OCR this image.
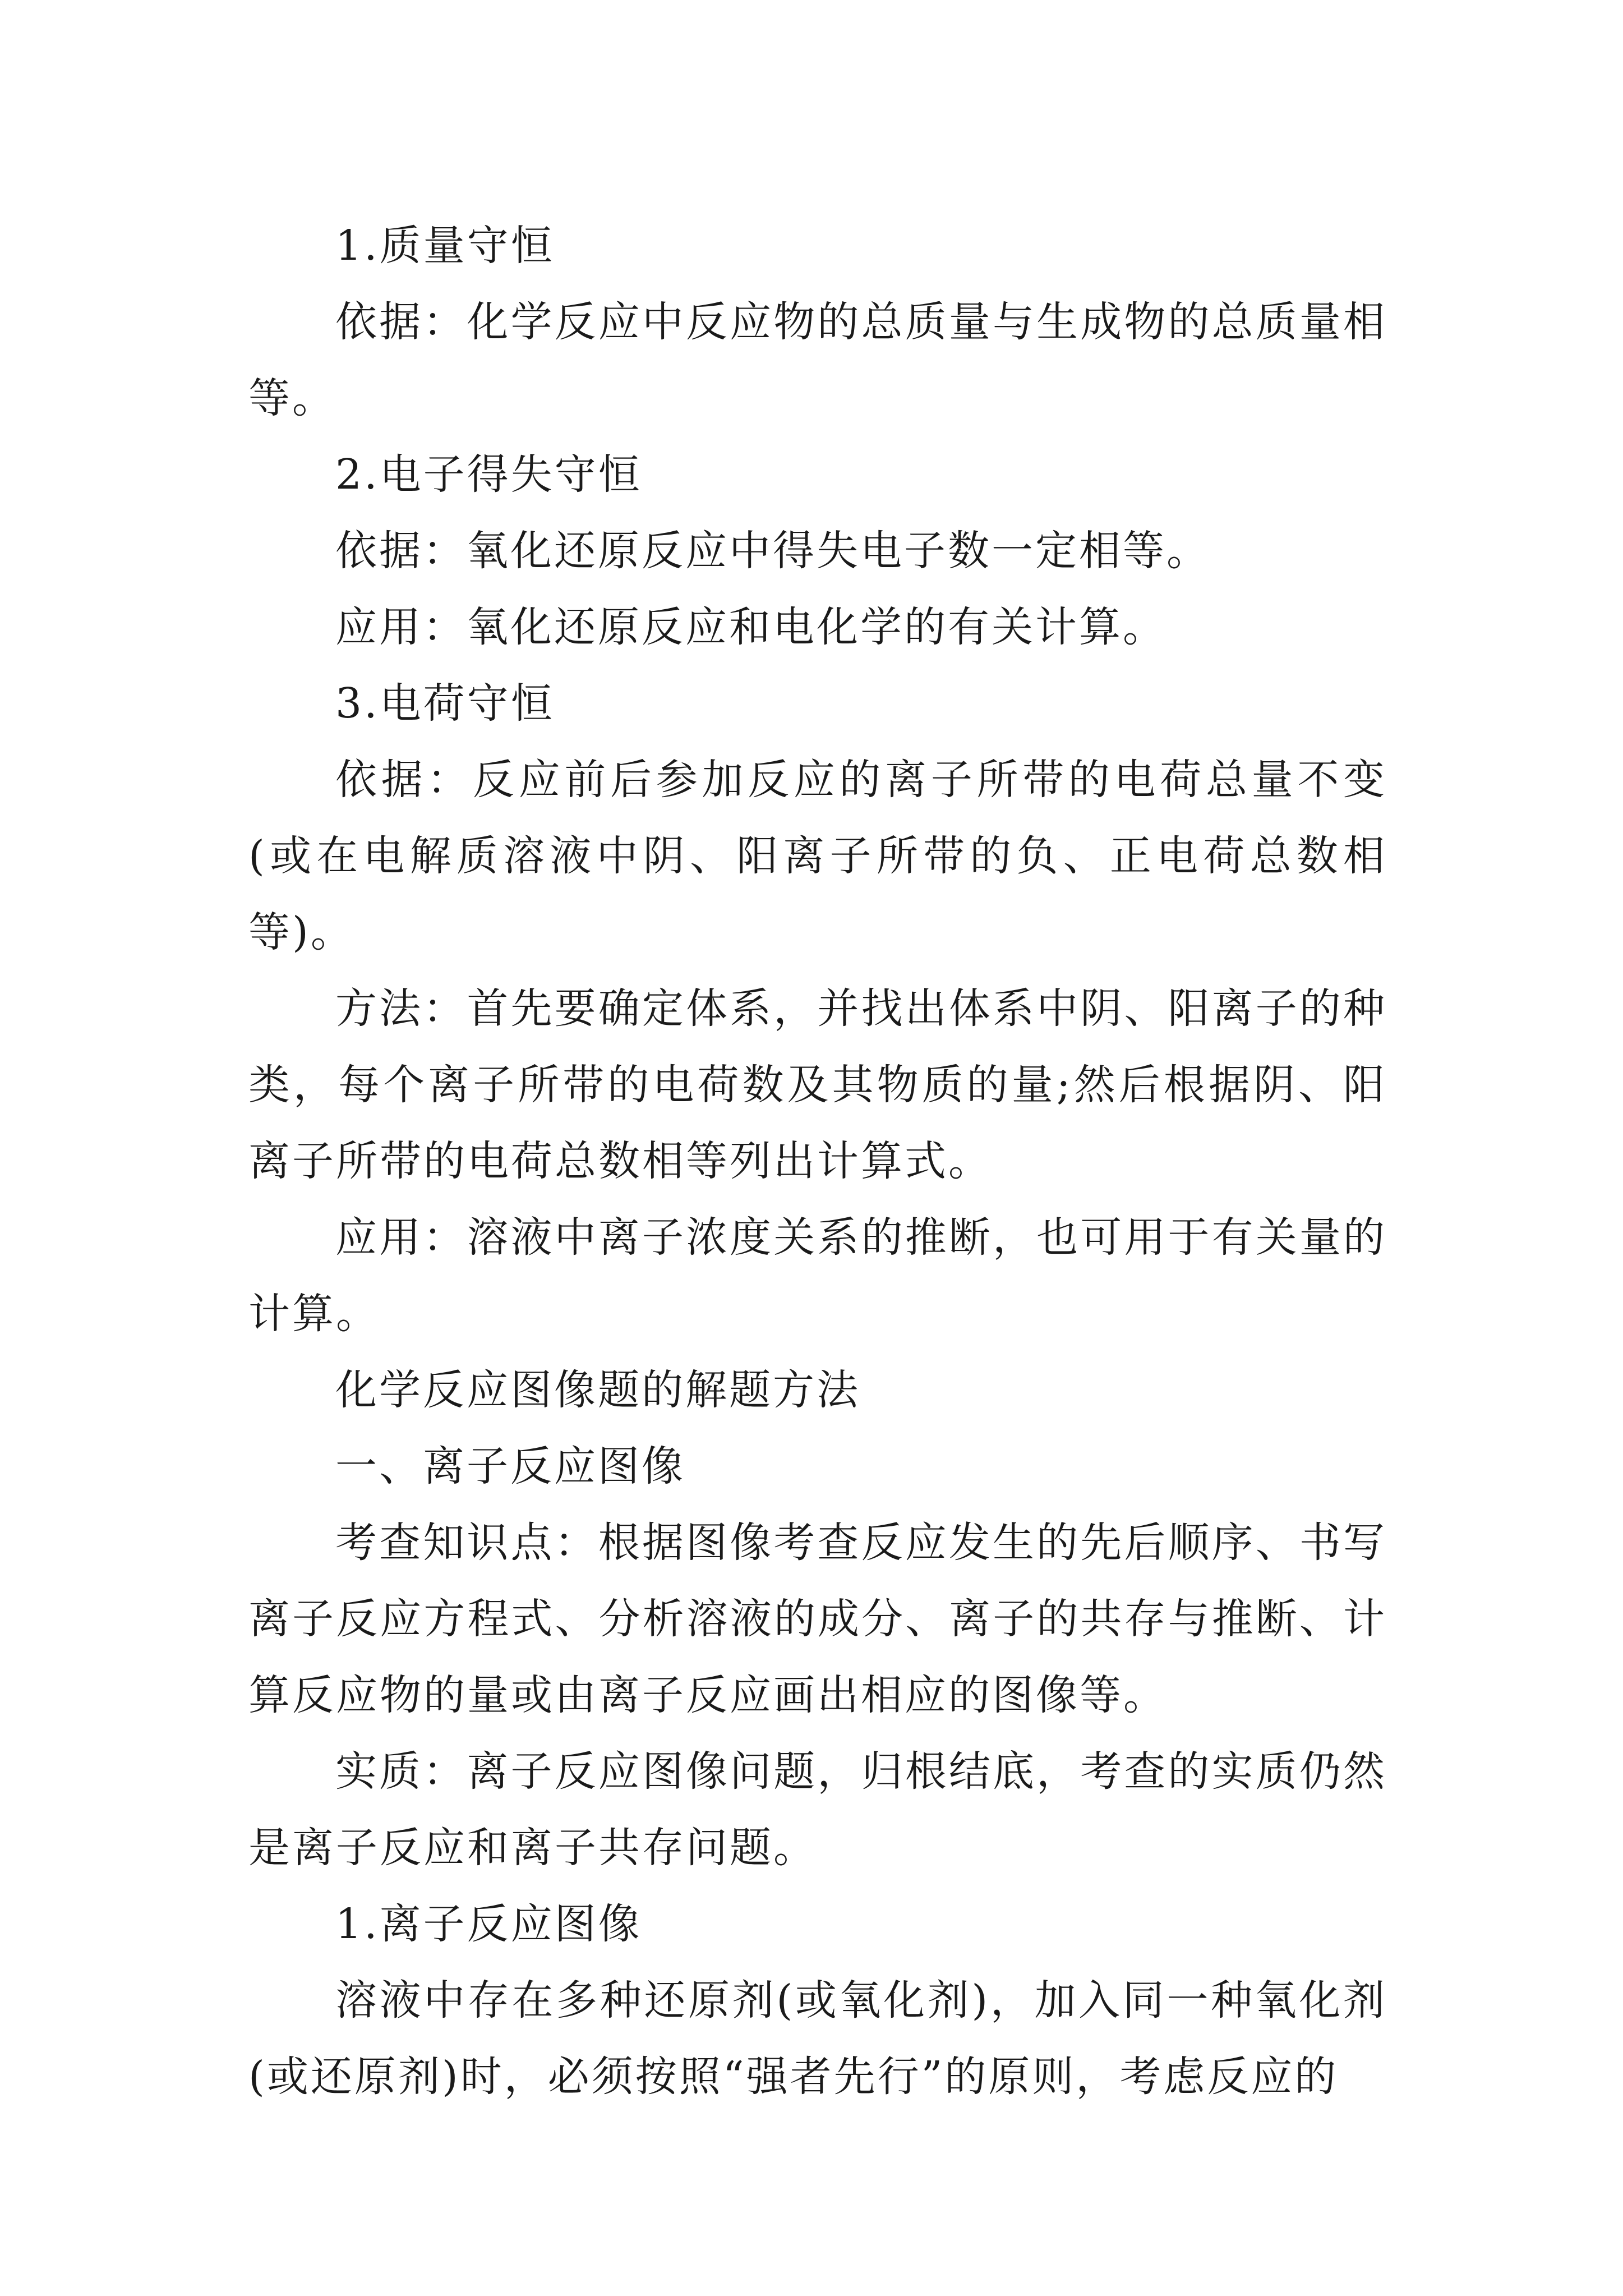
1.质量守恒

依据：化学反应中反应物的总质量与生成物的总质量相等。

2.电子得失守恒

依据：氧化还原反应中得失电子数一定相等。

应用：氧化还原反应和电化学的有关计算。

3.电荷守恒

依据：反应前后参加反应的离子所带的电荷总量不变(或在电解质溶液中阴、阳离子所带的负、正电荷总数相等)。

方法：首先要确定体系，并找出体系中阴、阳离子的种类，每个离子所带的电荷数及其物质的量;然后根据阴、阳离子所带的电荷总数相等列出计算式。

应用：溶液中离子浓度关系的推断，也可用于有关量的计算。

化学反应图像题的解题方法

一、离子反应图像

考查知识点：根据图像考查反应发生的先后顺序、书写离子反应方程式、分析溶液的成分、离子的共存与推断、计算反应物的量或由离子反应画出相应的图像等。

实质：离子反应图像问题，归根结底，考查的实质仍然是离子反应和离子共存问题。

1.离子反应图像

溶液中存在多种还原剂(或氧化剂)，加入同一种氧化剂(或还原剂)时，必须按照“强者先行”的原则，考虑反应的
